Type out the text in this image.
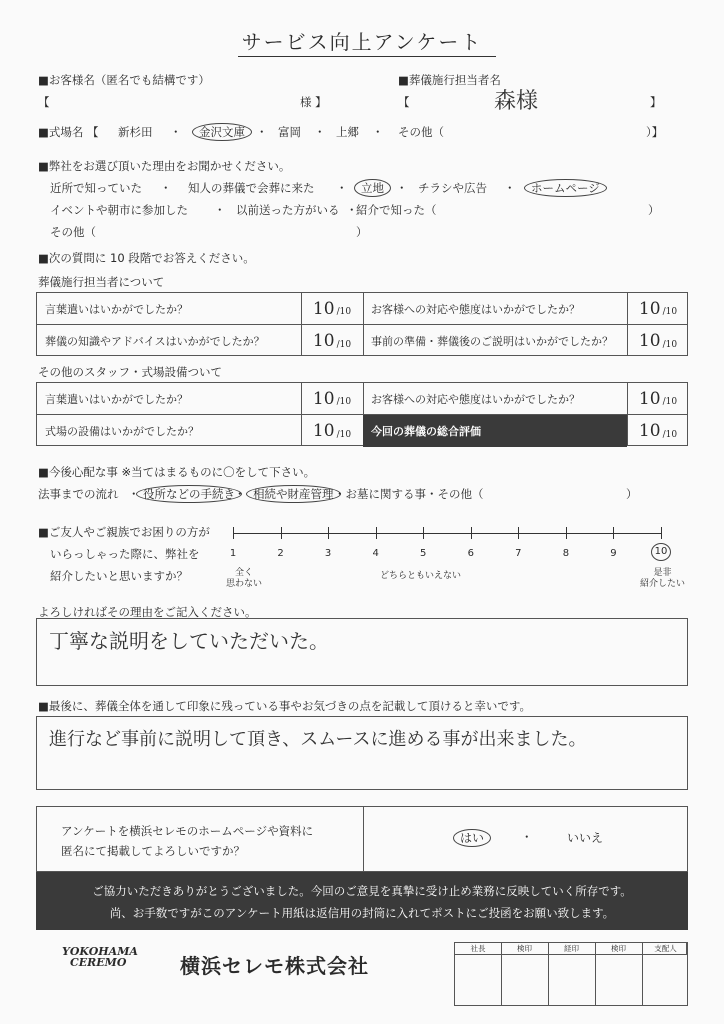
サービス向上アンケート
■お客様名（匿名でも結構です）
【	様 】
■葬儀施行担当者名
【	森様	】
■式場名 【 新杉田 ・ 金沢文庫 ・ 富岡 ・ 上郷 ・ その他（	）】
■弊社をお選び頂いた理由をお聞かせください。
近所で知っていた ・ 知人の葬儀で会葬に来た ・ 立地 ・ チラシや広告 ・ ホームページ
イベントや朝市に参加した ・ 以前送った方がいる ・
紹介で知った（	）
その他（	）
■次の質問に 10 段階でお答えください。
葬儀施行担当者について
言葉遣いはいかがでしたか？	10 /10	お客様への対応や態度はいかがでしたか？	10 /10
葬儀の知識やアドバイスはいかがでしたか？	10 /10	事前の準備・葬儀後のご説明はいかがでしたか？	10 /10
その他のスタッフ・式場設備ついて
言葉遣いはいかがでしたか？	10 /10	お客様への対応や態度はいかがでしたか？	10 /10
式場の設備はいかがでしたか？	10 /10	今回の葬儀の総合評価	10 /10
■今後心配な事 ※当てはまるものに〇をして下さい。
法事までの流れ ・ 役所などの手続き ・ 相続や財産管理 ・お墓に関する事・その他（	）
■ご友人やご親族でお困りの方が
いらっしゃった際に、弊社を
紹介したいと思いますか？
1	2	3	4	5	6	7	8	9	10
全く
思わない
どちらともいえない	是非
紹介したい
よろしければその理由をご記入ください。
丁寧な説明をしていただいた。
■最後に、葬儀全体を通して印象に残っている事やお気づきの点を記載して頂けると幸いです。
進行など事前に説明して頂き、スムースに進める事が出来ました。
アンケートを横浜セレモのホームページや資料に
匿名にて掲載してよろしいですか？
はい	・	いいえ
ご協力いただきありがとうございました。今回のご意見を真摯に受け止め業務に反映していく所存です。
尚、お手数ですがこのアンケート用紙は返信用の封筒に入れてポストにご投函をお願い致します。
YOKOHAMA
CEREMO	横浜セレモ株式会社
社長	検印	経印	検印	支配人
